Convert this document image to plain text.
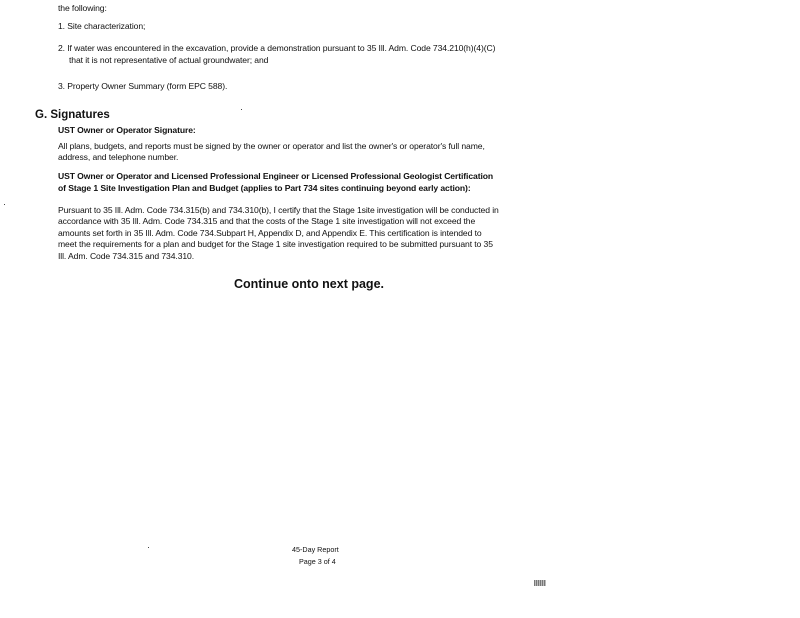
the following:
1. Site characterization;
2. If water was encountered in the excavation, provide a demonstration pursuant to 35 Ill. Adm. Code 734.210(h)(4)(C)
that it is not representative of actual groundwater; and
3. Property Owner Summary (form EPC 588).
G. Signatures
UST Owner or Operator Signature:
All plans, budgets, and reports must be signed by the owner or operator and list the owner's or operator's full name,
address, and telephone number.
UST Owner or Operator and Licensed Professional Engineer or Licensed Professional Geologist Certification
of Stage 1 Site Investigation Plan and Budget (applies to Part 734 sites continuing beyond early action):
Pursuant to 35 Ill. Adm. Code 734.315(b) and 734.310(b), I certify that the Stage 1site investigation will be conducted in
accordance with 35 Ill. Adm. Code 734.315 and that the costs of the Stage 1 site investigation will not exceed the
amounts set forth in 35 Ill. Adm. Code 734.Subpart H, Appendix D, and Appendix E. This certification is intended to
meet the requirements for a plan and budget for the Stage 1 site investigation required to be submitted pursuant to 35
Ill. Adm. Code 734.315 and 734.310.
Continue onto next page.
45-Day Report
Page 3 of 4
